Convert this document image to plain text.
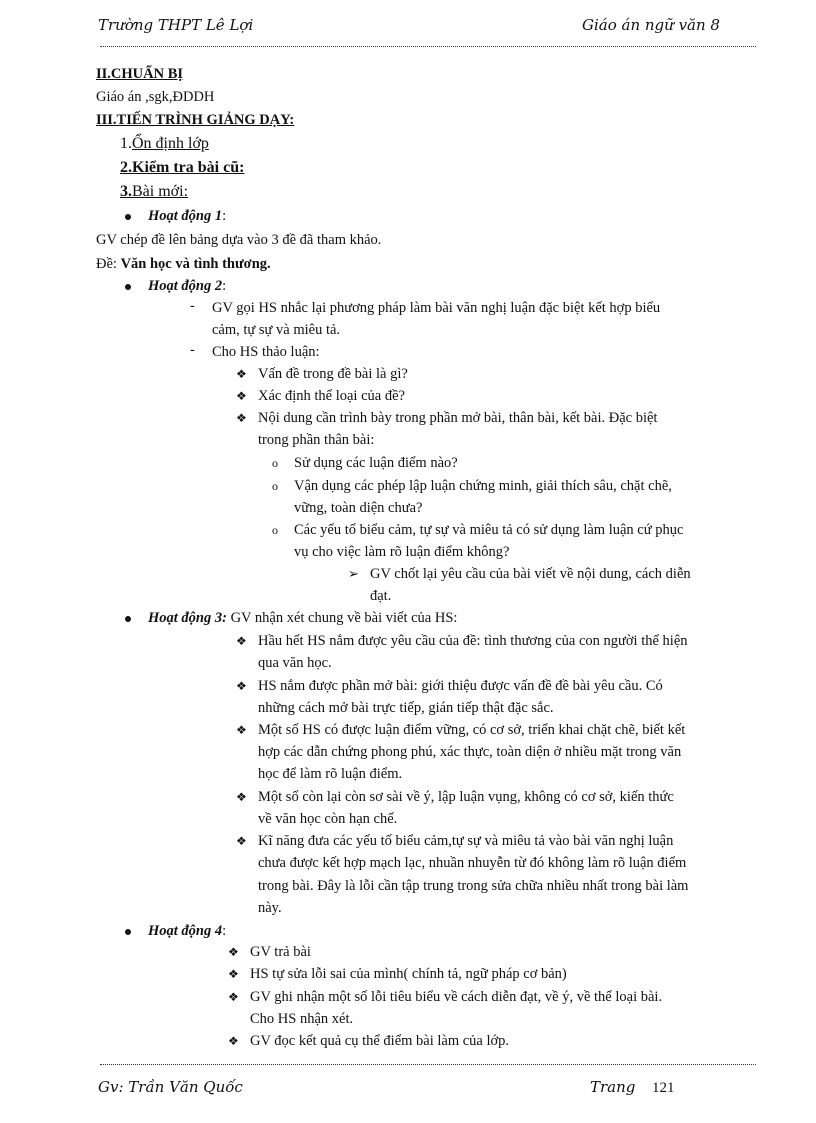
Trường THPT Lê Lợi	Giáo án ngữ văn 8
II.CHUẨN BỊ
Giáo án ,sgk,ĐDDH
III.TIẾN TRÌNH GIẢNG DẠY:
1.Ổn định lớp
2.Kiểm tra bài cũ:
3.Bài mới:
Hoạt động 1:
GV chép đề lên bảng dựa vào 3 đề đã tham khảo.
Đề: Văn học và tình thương.
Hoạt động 2:
- GV gọi HS nhắc lại phương pháp làm bài văn nghị luận đặc biệt kết hợp biểu
cảm, tự sự và miêu tả.
- Cho HS thảo luận:
❖ Vấn đề trong đề bài là gì?
❖ Xác định thể loại của đề?
❖ Nội dung cần trình bày trong phần mở bài, thân bài, kết bài. Đặc biệt
trong phần thân bài:
o Sử dụng các luận điểm nào?
o Vận dụng các phép lập luận chứng minh, giải thích sâu, chặt chẽ,
vững, toàn diện chưa?
o Các yếu tố biểu cảm, tự sự và miêu tả có sử dụng làm luận cứ phục
vụ cho việc làm rõ luận điểm không?
➢ GV chốt lại yêu cầu của bài viết về nội dung, cách diễn
đạt.
Hoạt động 3: GV nhận xét chung về bài viết của HS:
❖ Hầu hết HS nắm được yêu cầu của đề: tình thương của con người thể hiện
qua văn học.
❖ HS nắm được phần mở bài: giới thiệu được vấn đề đề bài yêu cầu. Có
những cách mở bài trực tiếp, gián tiếp thật đặc sắc.
❖ Một số HS có được luận điểm vững, có cơ sở, triển khai chặt chẽ, biết kết
hợp các dẫn chứng phong phú, xác thực, toàn diện ở nhiều mặt trong văn
học để làm rõ luận điểm.
❖ Một số còn lại còn sơ sài về ý, lập luận vụng, không có cơ sở, kiến thức
về văn học còn hạn chế.
❖ Kĩ năng đưa các yếu tố biểu cảm,tự sự và miêu tả vào bài văn nghị luận
chưa được kết hợp mạch lạc, nhuần nhuyễn từ đó không làm rõ luận điểm
trong bài. Đây là lỗi cần tập trung trong sửa chữa nhiều nhất trong bài làm
này.
Hoạt động 4:
❖ GV trả bài
❖ HS tự sửa lỗi sai của mình( chính tả, ngữ pháp cơ bản)
❖ GV ghi nhận một số lỗi tiêu biểu về cách diễn đạt, về ý, về thể loại bài.
Cho HS nhận xét.
❖ GV đọc kết quả cụ thể điểm bài làm của lớp.
Gv: Trần Văn Quốc	Trang 121
